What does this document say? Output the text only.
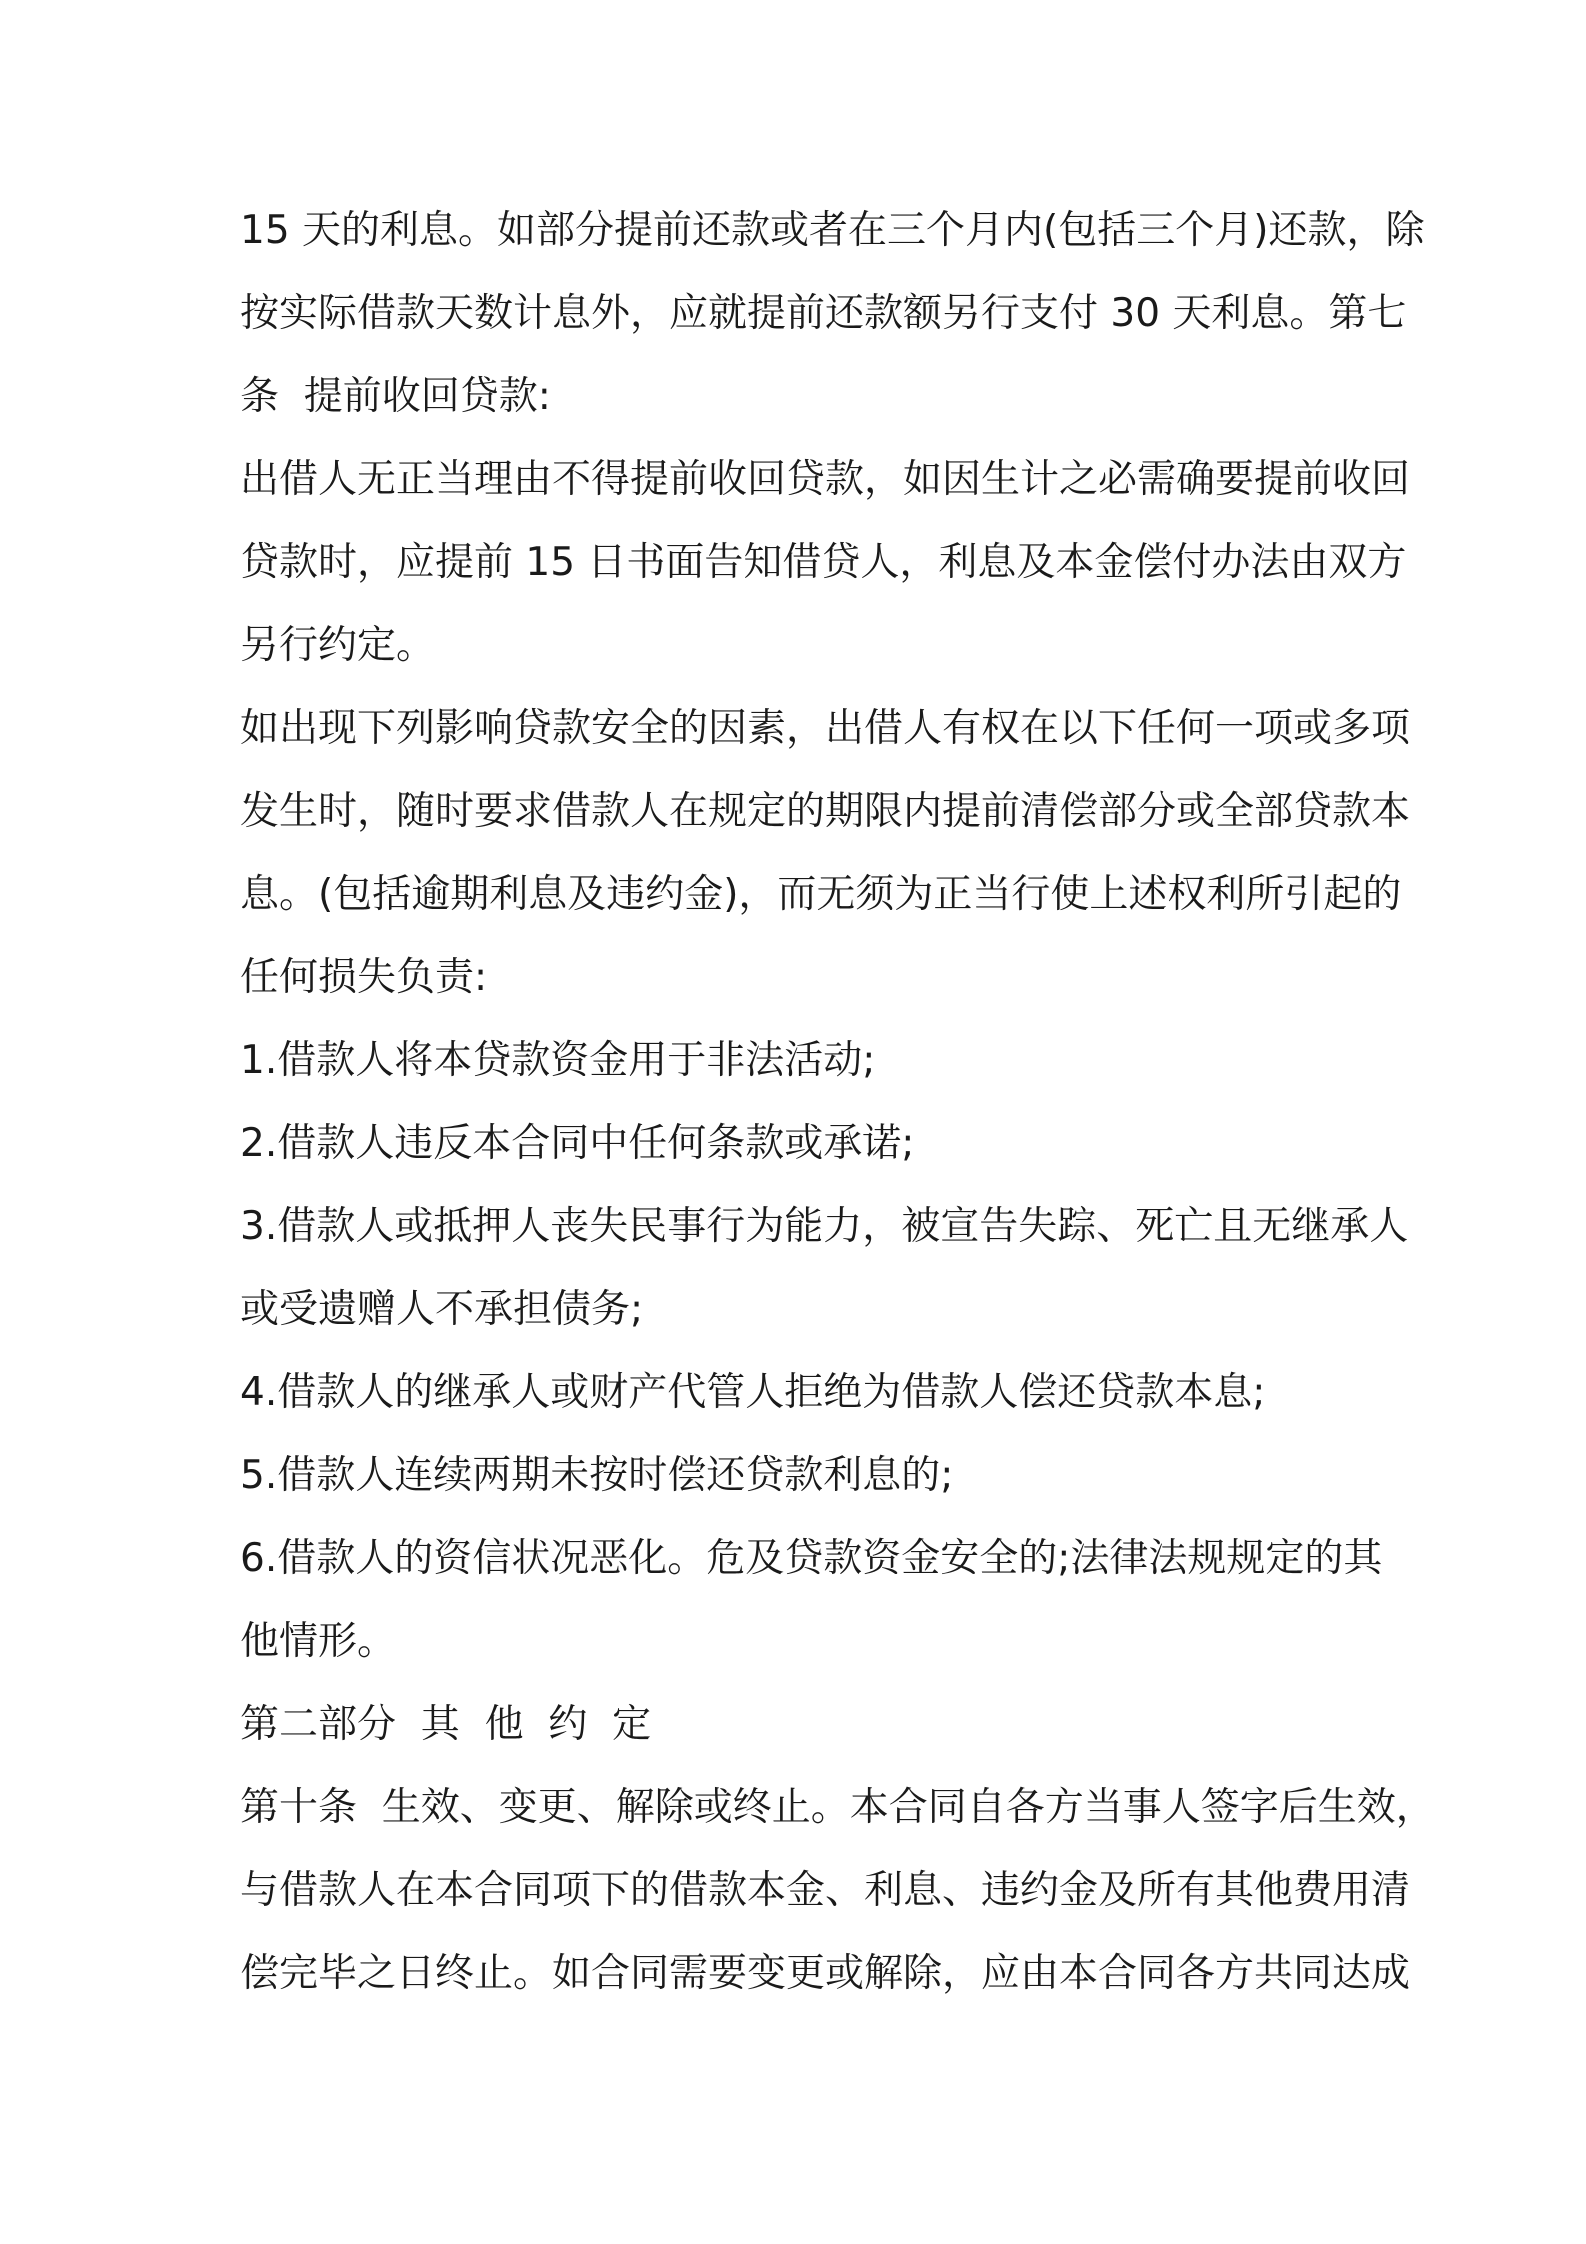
15 天的利息。如部分提前还款或者在三个月内(包括三个月)还款，除

按实际借款天数计息外，应就提前还款额另行支付 30 天利息。第七

条  提前收回贷款:

出借人无正当理由不得提前收回贷款，如因生计之必需确要提前收回

贷款时，应提前 15 日书面告知借贷人，利息及本金偿付办法由双方

另行约定。

如出现下列影响贷款安全的因素，出借人有权在以下任何一项或多项

发生时，随时要求借款人在规定的期限内提前清偿部分或全部贷款本

息。(包括逾期利息及违约金)，而无须为正当行使上述权利所引起的

任何损失负责:

1.借款人将本贷款资金用于非法活动;

2.借款人违反本合同中任何条款或承诺;

3.借款人或抵押人丧失民事行为能力，被宣告失踪、死亡且无继承人

或受遗赠人不承担债务;

4.借款人的继承人或财产代管人拒绝为借款人偿还贷款本息;

5.借款人连续两期未按时偿还贷款利息的;

6.借款人的资信状况恶化。危及贷款资金安全的;法律法规规定的其

他情形。

第二部分  其  他  约  定

第十条  生效、变更、解除或终止。本合同自各方当事人签字后生效，

与借款人在本合同项下的借款本金、利息、违约金及所有其他费用清

偿完毕之日终止。如合同需要变更或解除，应由本合同各方共同达成
